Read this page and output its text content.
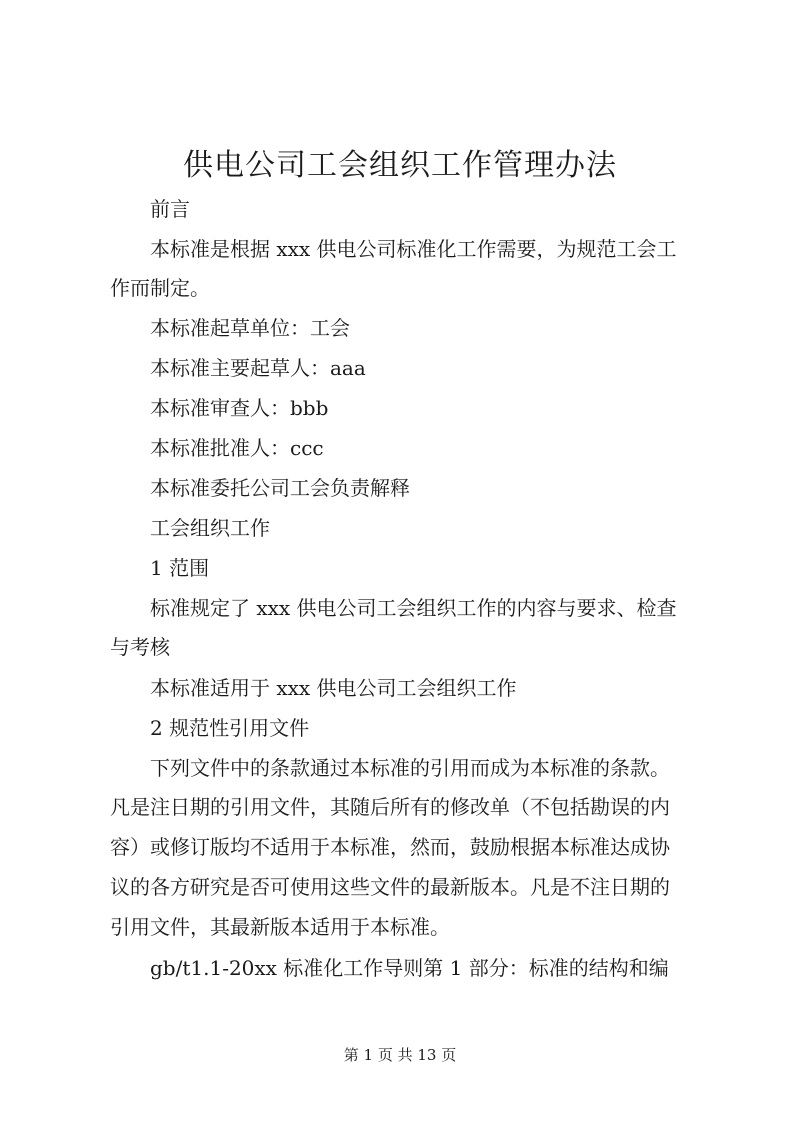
供电公司工会组织工作管理办法
前言
本标准是根据 xxx 供电公司标准化工作需要，为规范工会工
作而制定。
本标准起草单位：工会
本标准主要起草人：aaa
本标准审查人：bbb
本标准批准人：ccc
本标准委托公司工会负责解释
工会组织工作
1 范围
标准规定了 xxx 供电公司工会组织工作的内容与要求、检查
与考核
本标准适用于 xxx 供电公司工会组织工作
2 规范性引用文件
下列文件中的条款通过本标准的引用而成为本标准的条款。
凡是注日期的引用文件，其随后所有的修改单（不包括勘误的内
容）或修订版均不适用于本标准，然而，鼓励根据本标准达成协
议的各方研究是否可使用这些文件的最新版本。凡是不注日期的
引用文件，其最新版本适用于本标准。
gb/t1.1-20xx 标准化工作导则第 1 部分：标准的结构和编
第 1 页 共 13 页
